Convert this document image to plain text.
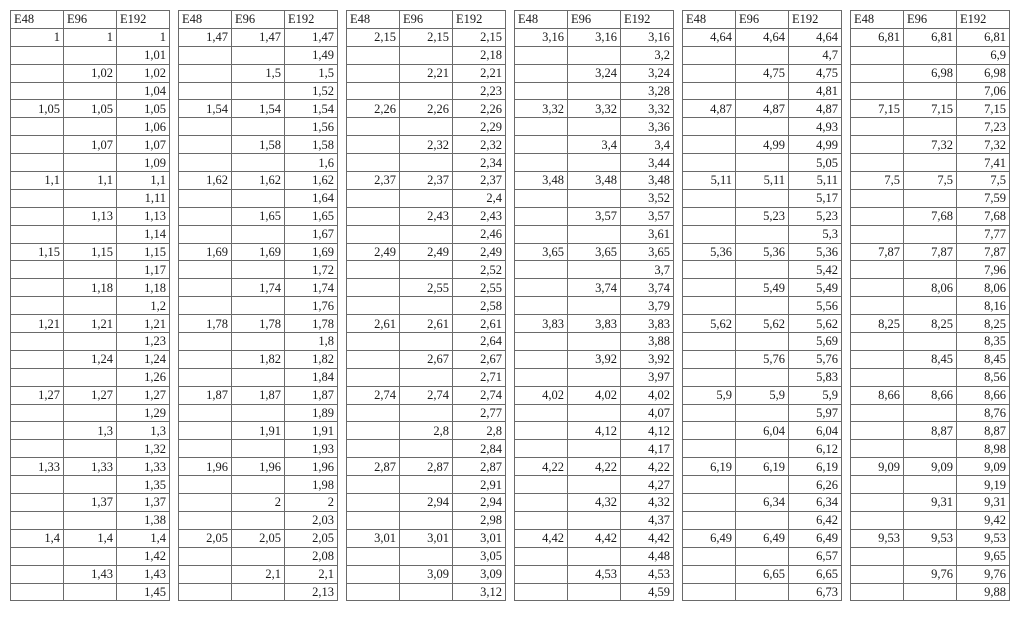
E48	E96	E192
1	1	1
		1,01
	1,02	1,02
		1,04
1,05	1,05	1,05
		1,06
	1,07	1,07
		1,09
1,1	1,1	1,1
		1,11
	1,13	1,13
		1,14
1,15	1,15	1,15
		1,17
	1,18	1,18
		1,2
1,21	1,21	1,21
		1,23
	1,24	1,24
		1,26
1,27	1,27	1,27
		1,29
	1,3	1,3
		1,32
1,33	1,33	1,33
		1,35
	1,37	1,37
		1,38
1,4	1,4	1,4
		1,42
	1,43	1,43
		1,45
E48	E96	E192
1,47	1,47	1,47
		1,49
	1,5	1,5
		1,52
1,54	1,54	1,54
		1,56
	1,58	1,58
		1,6
1,62	1,62	1,62
		1,64
	1,65	1,65
		1,67
1,69	1,69	1,69
		1,72
	1,74	1,74
		1,76
1,78	1,78	1,78
		1,8
	1,82	1,82
		1,84
1,87	1,87	1,87
		1,89
	1,91	1,91
		1,93
1,96	1,96	1,96
		1,98
	2	2
		2,03
2,05	2,05	2,05
		2,08
	2,1	2,1
		2,13
E48	E96	E192
2,15	2,15	2,15
		2,18
	2,21	2,21
		2,23
2,26	2,26	2,26
		2,29
	2,32	2,32
		2,34
2,37	2,37	2,37
		2,4
	2,43	2,43
		2,46
2,49	2,49	2,49
		2,52
	2,55	2,55
		2,58
2,61	2,61	2,61
		2,64
	2,67	2,67
		2,71
2,74	2,74	2,74
		2,77
	2,8	2,8
		2,84
2,87	2,87	2,87
		2,91
	2,94	2,94
		2,98
3,01	3,01	3,01
		3,05
	3,09	3,09
		3,12
E48	E96	E192
3,16	3,16	3,16
		3,2
	3,24	3,24
		3,28
3,32	3,32	3,32
		3,36
	3,4	3,4
		3,44
3,48	3,48	3,48
		3,52
	3,57	3,57
		3,61
3,65	3,65	3,65
		3,7
	3,74	3,74
		3,79
3,83	3,83	3,83
		3,88
	3,92	3,92
		3,97
4,02	4,02	4,02
		4,07
	4,12	4,12
		4,17
4,22	4,22	4,22
		4,27
	4,32	4,32
		4,37
4,42	4,42	4,42
		4,48
	4,53	4,53
		4,59
E48	E96	E192
4,64	4,64	4,64
		4,7
	4,75	4,75
		4,81
4,87	4,87	4,87
		4,93
	4,99	4,99
		5,05
5,11	5,11	5,11
		5,17
	5,23	5,23
		5,3
5,36	5,36	5,36
		5,42
	5,49	5,49
		5,56
5,62	5,62	5,62
		5,69
	5,76	5,76
		5,83
5,9	5,9	5,9
		5,97
	6,04	6,04
		6,12
6,19	6,19	6,19
		6,26
	6,34	6,34
		6,42
6,49	6,49	6,49
		6,57
	6,65	6,65
		6,73
E48	E96	E192
6,81	6,81	6,81
		6,9
	6,98	6,98
		7,06
7,15	7,15	7,15
		7,23
	7,32	7,32
		7,41
7,5	7,5	7,5
		7,59
	7,68	7,68
		7,77
7,87	7,87	7,87
		7,96
	8,06	8,06
		8,16
8,25	8,25	8,25
		8,35
	8,45	8,45
		8,56
8,66	8,66	8,66
		8,76
	8,87	8,87
		8,98
9,09	9,09	9,09
		9,19
	9,31	9,31
		9,42
9,53	9,53	9,53
		9,65
	9,76	9,76
		9,88
